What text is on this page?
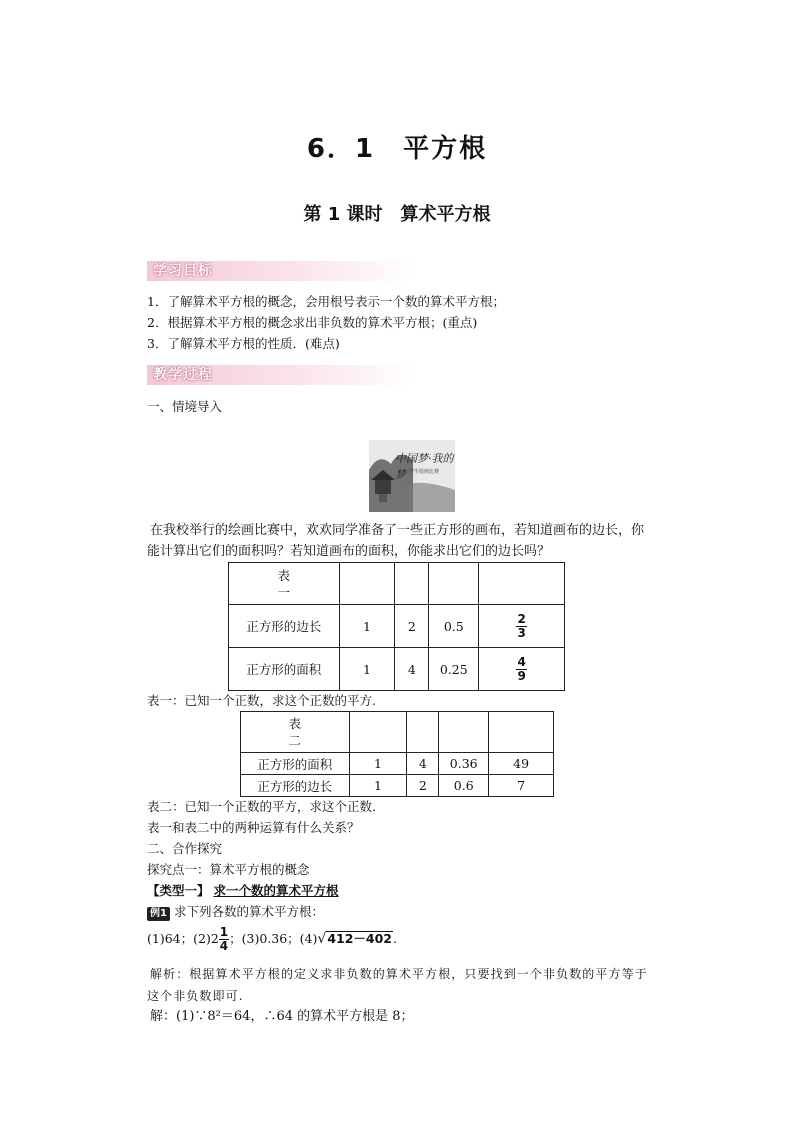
6．1 平方根
第 1 课时 算术平方根
学习目标
1．了解算术平方根的概念，会用根号表示一个数的算术平方根；
2．根据算术平方根的概念求出非负数的算术平方根；(重点)
3．了解算术平方根的性质．(难点)
教学过程
一、情境导入
中国梦·我的梦 学生绘画比赛
在我校举行的绘画比赛中，欢欢同学准备了一些正方形的画布，若知道画布的边长，你
能计算出它们的面积吗？若知道画布的面积，你能求出它们的边长吗？
表
一				
正方形的边长	1	2	0.5	$\frac{2}{3}$

正方形的面积	1	4	0.25	$\frac{4}{9}$
表一：已知一个正数，求这个正数的平方.
表
二				
正方形的面积	1	4	0.36	49
正方形的边长	1	2	0.6	7
表二：已知一个正数的平方，求这个正数．
表一和表二中的两种运算有什么关系？
二、合作探究
探究点一：算术平方根的概念
【类型一】 求一个数的算术平方根
例1 求下列各数的算术平方根：
(1)64；$(2)2 \frac{1}{4}$ ；(3)0.36；(4)√412－402.
解析：根据算术平方根的定义求非负数的算术平方根，只要找到一个非负数的平方等于
这个非负数即可.
解：(1)∵8²＝64，∴64 的算术平方根是 8；
